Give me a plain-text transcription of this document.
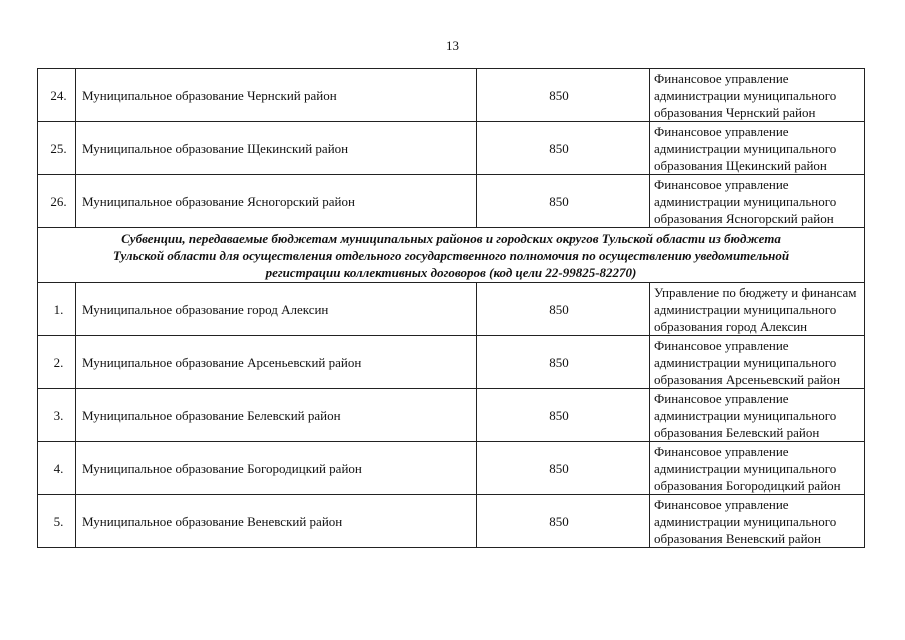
13
24.	Муниципальное образование Чернский район	850	Финансовое управление
администрации муниципального
образования Чернский район

25.	Муниципальное образование Щекинский район	850	Финансовое управление
администрации муниципального
образования Щекинский район

26.	Муниципальное образование Ясногорский район	850	Финансовое управление
администрации муниципального
образования Ясногорский район

Субвенции, передаваемые бюджетам муниципальных районов и городских округов Тульской области из бюджета
Тульской области для осуществления отдельного государственного полномочия по осуществлению уведомительной
регистрации коллективных договоров (код цели 22-99825-82270)			

1.	Муниципальное образование город Алексин	850	Управление по бюджету и финансам
администрации муниципального
образования город Алексин

2.	Муниципальное образование Арсеньевский район	850	Финансовое управление
администрации муниципального
образования Арсеньевский район

3.	Муниципальное образование Белевский район	850	Финансовое управление
администрации муниципального
образования Белевский район

4.	Муниципальное образование Богородицкий район	850	Финансовое управление
администрации муниципального
образования Богородицкий район

5.	Муниципальное образование Веневский район	850	Финансовое управление
администрации муниципального
образования Веневский район
